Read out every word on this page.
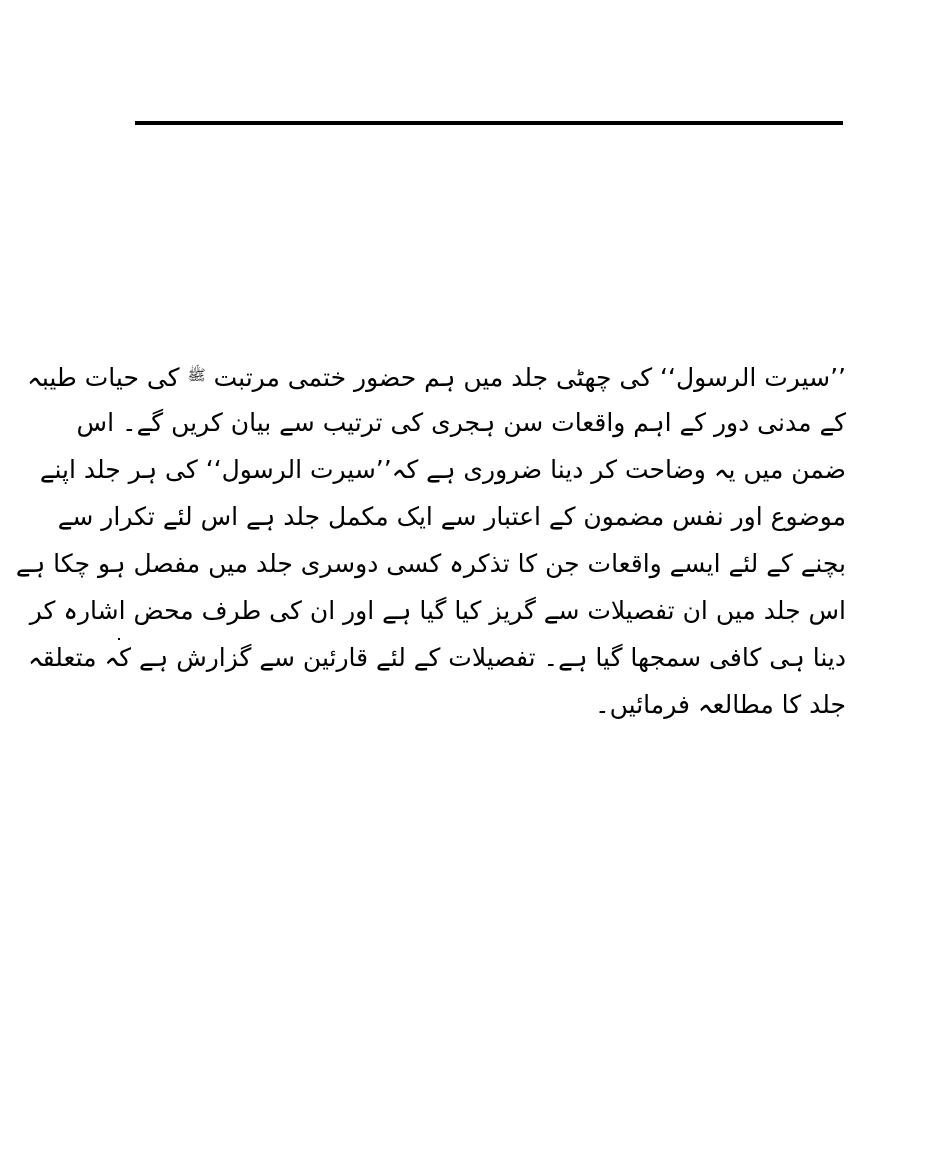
’’سیرت الرسول‘‘ کی چھٹی جلد میں ہم حضور ختمی مرتبت $^ﷺ$ کی حیات طیبہ
کے مدنی دور کے اہم واقعات سن ہجری کی ترتیب سے بیان کریں گے۔ اس
ضمن میں یہ وضاحت کر دینا ضروری ہے کہ’’سیرت الرسول‘‘ کی ہر جلد اپنے
موضوع اور نفس مضمون کے اعتبار سے ایک مکمل جلد ہے اس لئے تکرار سے
بچنے کے لئے ایسے واقعات جن کا تذکرہ کسی دوسری جلد میں مفصل ہو چکا ہے
اس جلد میں ان تفصیلات سے گریز کیا گیا ہے اور ان کی طرف محض اشارہ کر
دینا ہی کافی سمجھا گیا ہے۔ تفصیلات کے لئے قارئین سے گزارش ہے کہ متعلقہ
جلد کا مطالعہ فرمائیں۔
